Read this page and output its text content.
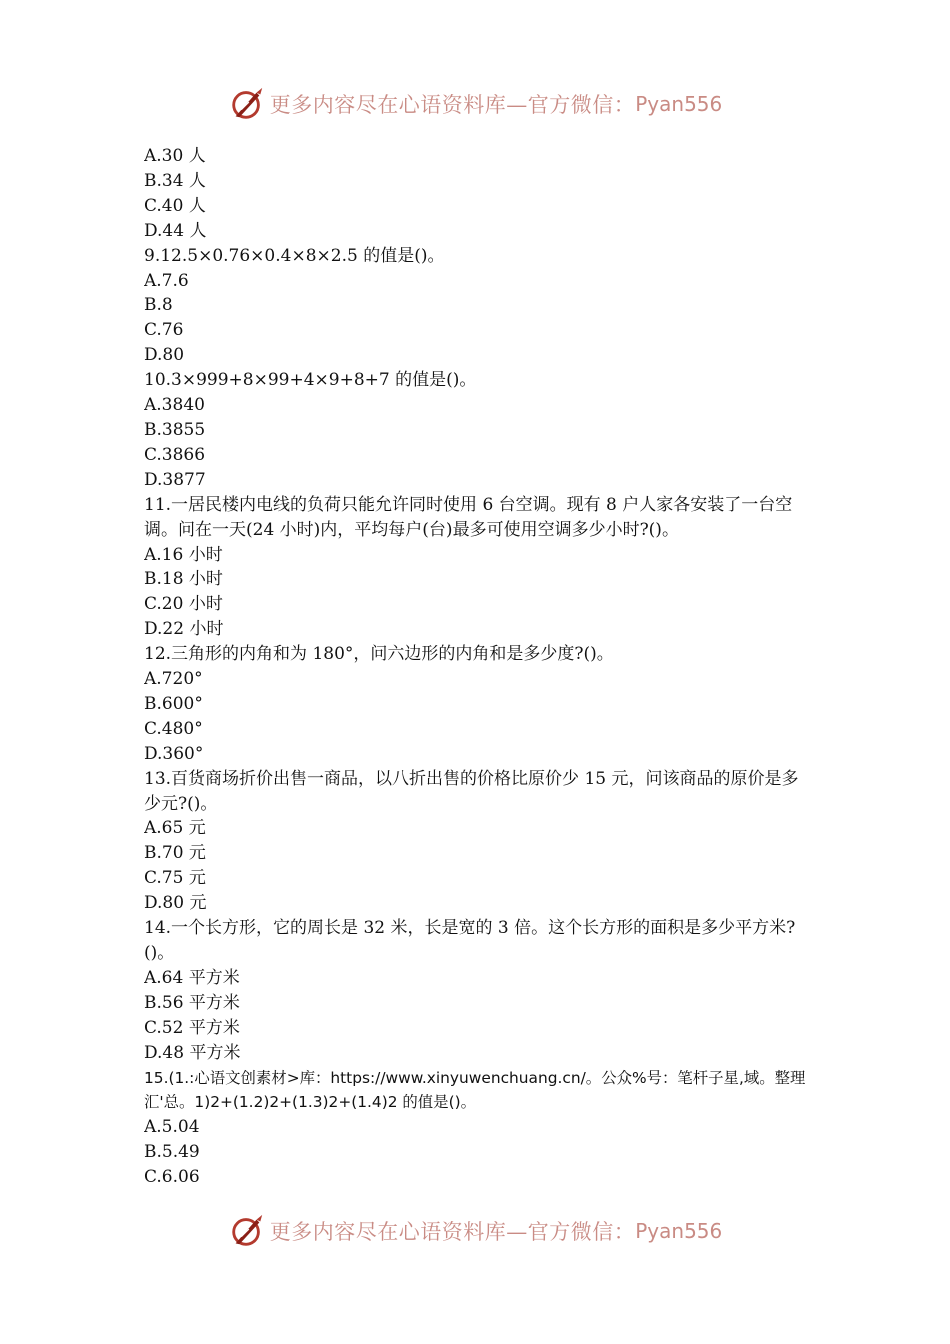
更多内容尽在心语资料库—官方微信： Pyan556
A.30 人
B.34 人
C.40 人
D.44 人
9.12.5×0.76×0.4×8×2.5 的值是()。
A.7.6
B.8
C.76
D.80
10.3×999+8×99+4×9+8+7 的值是()。
A.3840
B.3855
C.3866
D.3877
11.一居民楼内电线的负荷只能允许同时使用 6 台空调。现有 8 户人家各安装了一台空调。问在一天(24 小时)内，平均每户(台)最多可使用空调多少小时?()。
A.16 小时
B.18 小时
C.20 小时
D.22 小时
12.三角形的内角和为 180°，问六边形的内角和是多少度?()。
A.720°
B.600°
C.480°
D.360°
13.百货商场折价出售一商品，以八折出售的价格比原价少 15 元，问该商品的原价是多少元?()。
A.65 元
B.70 元
C.75 元
D.80 元
14.一个长方形，它的周长是 32 米，长是宽的 3 倍。这个长方形的面积是多少平方米?()。
A.64 平方米
B.56 平方米
C.52 平方米
D.48 平方米
15.(1.:心语文创素材>库：https://www.xinyuwenchuang.cn/。公众%号：笔杆子星,域。整理汇'总。1)2+(1.2)2+(1.3)2+(1.4)2 的值是()。
A.5.04
B.5.49
C.6.06
更多内容尽在心语资料库—官方微信： Pyan556
